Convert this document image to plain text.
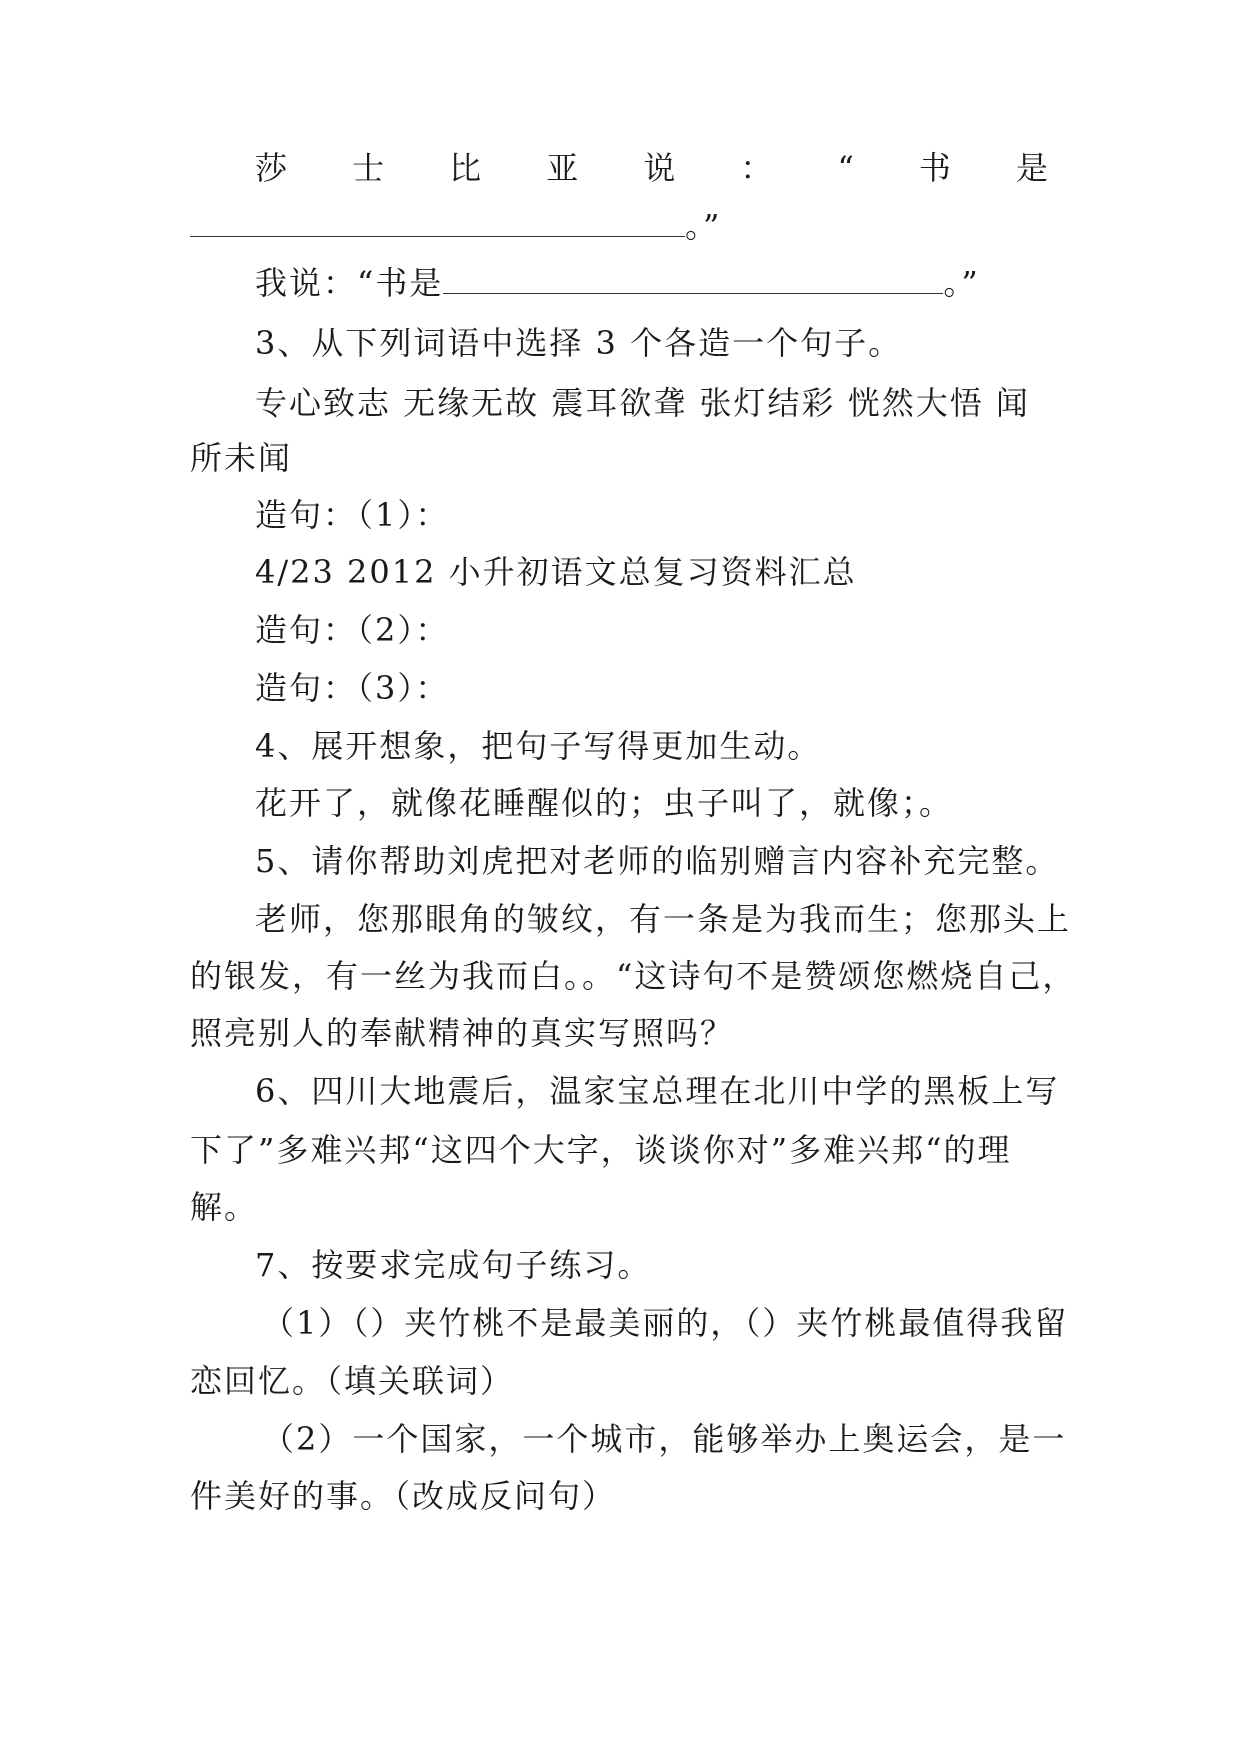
莎 士 比 亚 说 ： “ 书 是
。”
我说：“书是	。”
3、从下列词语中选择 3 个各造一个句子。
专心致志 无缘无故 震耳欲聋 张灯结彩 恍然大悟 闻
所未闻
造句：（1）：
4/23 2012 小升初语文总复习资料汇总
造句：（2）：
造句：（3）：
4、展开想象，把句子写得更加生动。
花开了，就像花睡醒似的；虫子叫了，就像；。
5、请你帮助刘虎把对老师的临别赠言内容补充完整。
老师，您那眼角的皱纹，有一条是为我而生；您那头上
的银发，有一丝为我而白。。“这诗句不是赞颂您燃烧自己，
照亮别人的奉献精神的真实写照吗？
6、四川大地震后，温家宝总理在北川中学的黑板上写
下了”多难兴邦“这四个大字，谈谈你对”多难兴邦“的理
解。
7、按要求完成句子练习。
（1）（）夹竹桃不是最美丽的，（）夹竹桃最值得我留
恋回忆。（填关联词）
（2）一个国家，一个城市，能够举办上奥运会，是一
件美好的事。（改成反问句）
